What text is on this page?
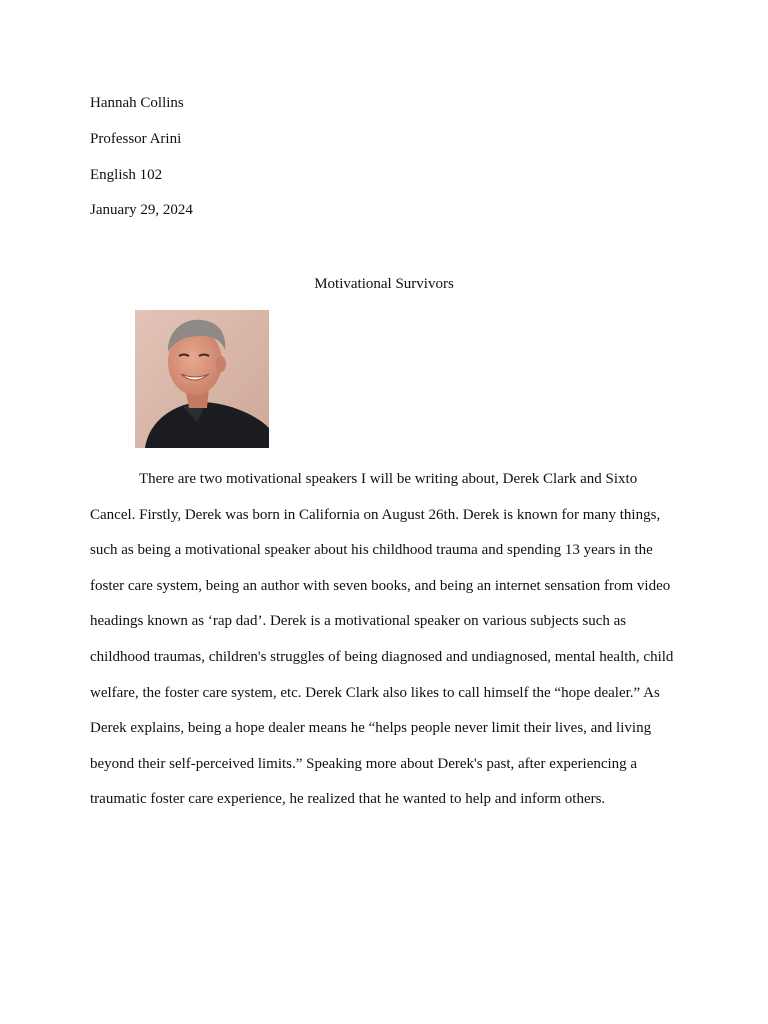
Hannah Collins
Professor Arini
English 102
January 29, 2024
Motivational Survivors

There are two motivational speakers I will be writing about, Derek Clark and Sixto Cancel. Firstly, Derek was born in California on August 26th. Derek is known for many things, such as being a motivational speaker about his childhood trauma and spending 13 years in the foster care system, being an author with seven books, and being an internet sensation from video headings known as ‘rap dad’. Derek is a motivational speaker on various subjects such as childhood traumas, children's struggles of being diagnosed and undiagnosed, mental health, child welfare, the foster care system, etc. Derek Clark also likes to call himself the “hope dealer.” As Derek explains, being a hope dealer means he “helps people never limit their lives, and living beyond their self-perceived limits.” Speaking more about Derek's past, after experiencing a traumatic foster care experience, he realized that he wanted to help and inform others.
